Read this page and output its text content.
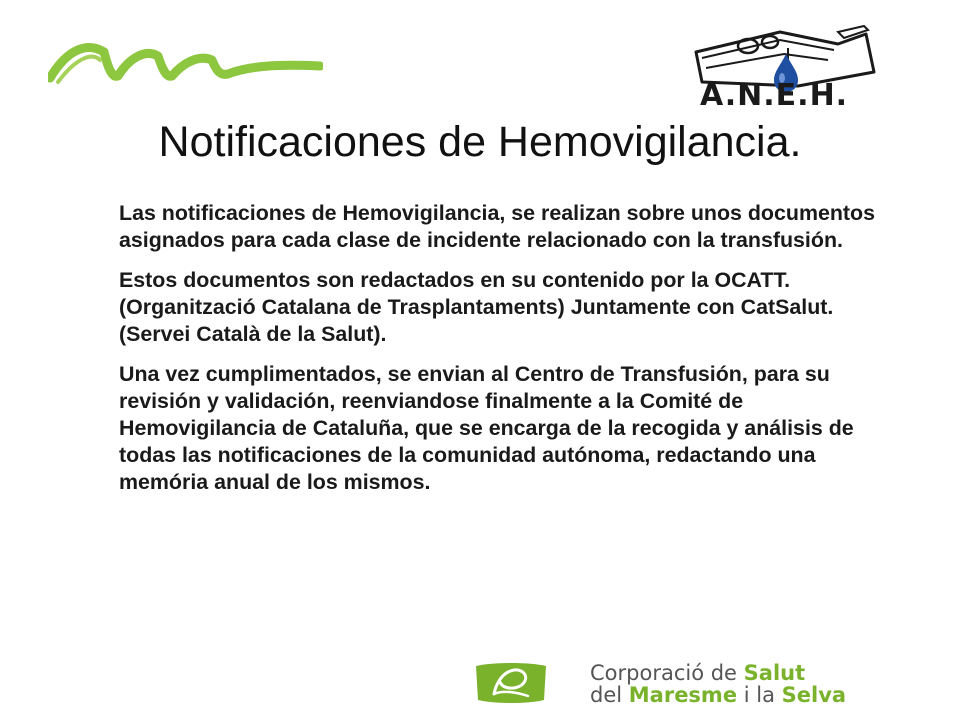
A.N.E.H.
Notificaciones de Hemovigilancia.

Las notificaciones de Hemovigilancia, se realizan sobre unos documentos asignados para cada clase de incidente relacionado con la transfusión.

Estos documentos son redactados en su contenido por la OCATT. (Organització Catalana de Trasplantaments) Juntamente con CatSalut. (Servei Català de la Salut).

Una vez cumplimentados, se envian al Centro de Transfusión, para su revisión y validación, reenviandose finalmente a la Comité de Hemovigilancia de Cataluña, que se encarga de la recogida y análisis de todas las notificaciones de la comunidad autónoma, redactando una memória anual de los mismos.

Corporació de Salut
del Maresme i la Selva
